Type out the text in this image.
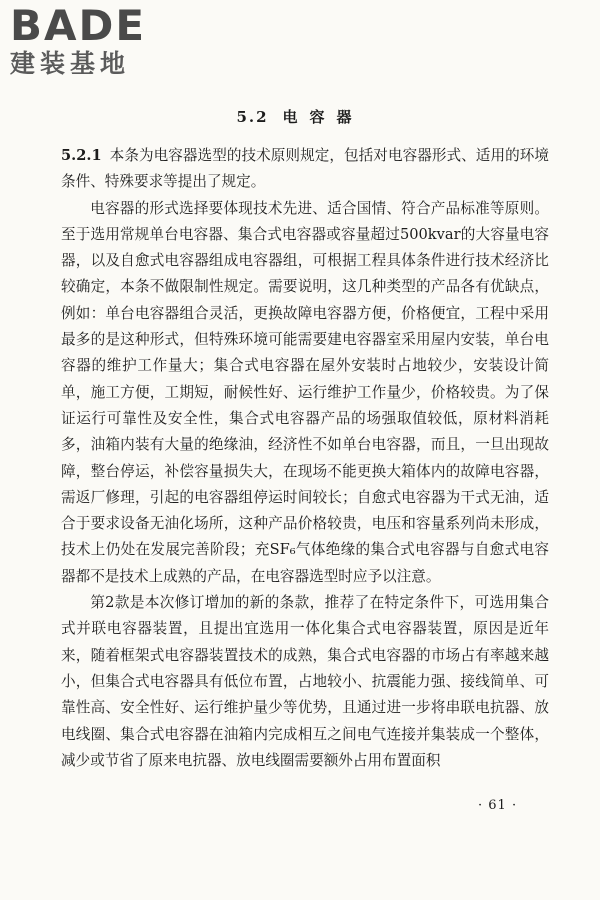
BADE
建装基地
5.2 电容器

5.2.1 本条为电容器选型的技术原则规定，包括对电容器形式、适用的环境条件、特殊要求等提出了规定。

电容器的形式选择要体现技术先进、适合国情、符合产品标准等原则。至于选用常规单台电容器、集合式电容器或容量超过500kvar的大容量电容器，以及自愈式电容器组成电容器组，可根据工程具体条件进行技术经济比较确定，本条不做限制性规定。需要说明，这几种类型的产品各有优缺点，例如：单台电容器组合灵活，更换故障电容器方便，价格便宜，工程中采用最多的是这种形式，但特殊环境可能需要建电容器室采用屋内安装，单台电容器的维护工作量大；集合式电容器在屋外安装时占地较少，安装设计简单，施工方便，工期短，耐候性好、运行维护工作量少，价格较贵。为了保证运行可靠性及安全性，集合式电容器产品的场强取值较低，原材料消耗多，油箱内装有大量的绝缘油，经济性不如单台电容器，而且，一旦出现故障，整台停运，补偿容量损失大，在现场不能更换大箱体内的故障电容器，需返厂修理，引起的电容器组停运时间较长；自愈式电容器为干式无油，适合于要求设备无油化场所，这种产品价格较贵，电压和容量系列尚未形成，技术上仍处在发展完善阶段；充SF₆气体绝缘的集合式电容器与自愈式电容器都不是技术上成熟的产品，在电容器选型时应予以注意。

第2款是本次修订增加的新的条款，推荐了在特定条件下，可选用集合式并联电容器装置，且提出宜选用一体化集合式电容器装置，原因是近年来，随着框架式电容器装置技术的成熟，集合式电容器的市场占有率越来越小，但集合式电容器具有低位布置，占地较小、抗震能力强、接线简单、可靠性高、安全性好、运行维护量少等优势，且通过进一步将串联电抗器、放电线圈、集合式电容器在油箱内完成相互之间电气连接并集装成一个整体，减少或节省了原来电抗器、放电线圈需要额外占用布置面积

· 61 ·
